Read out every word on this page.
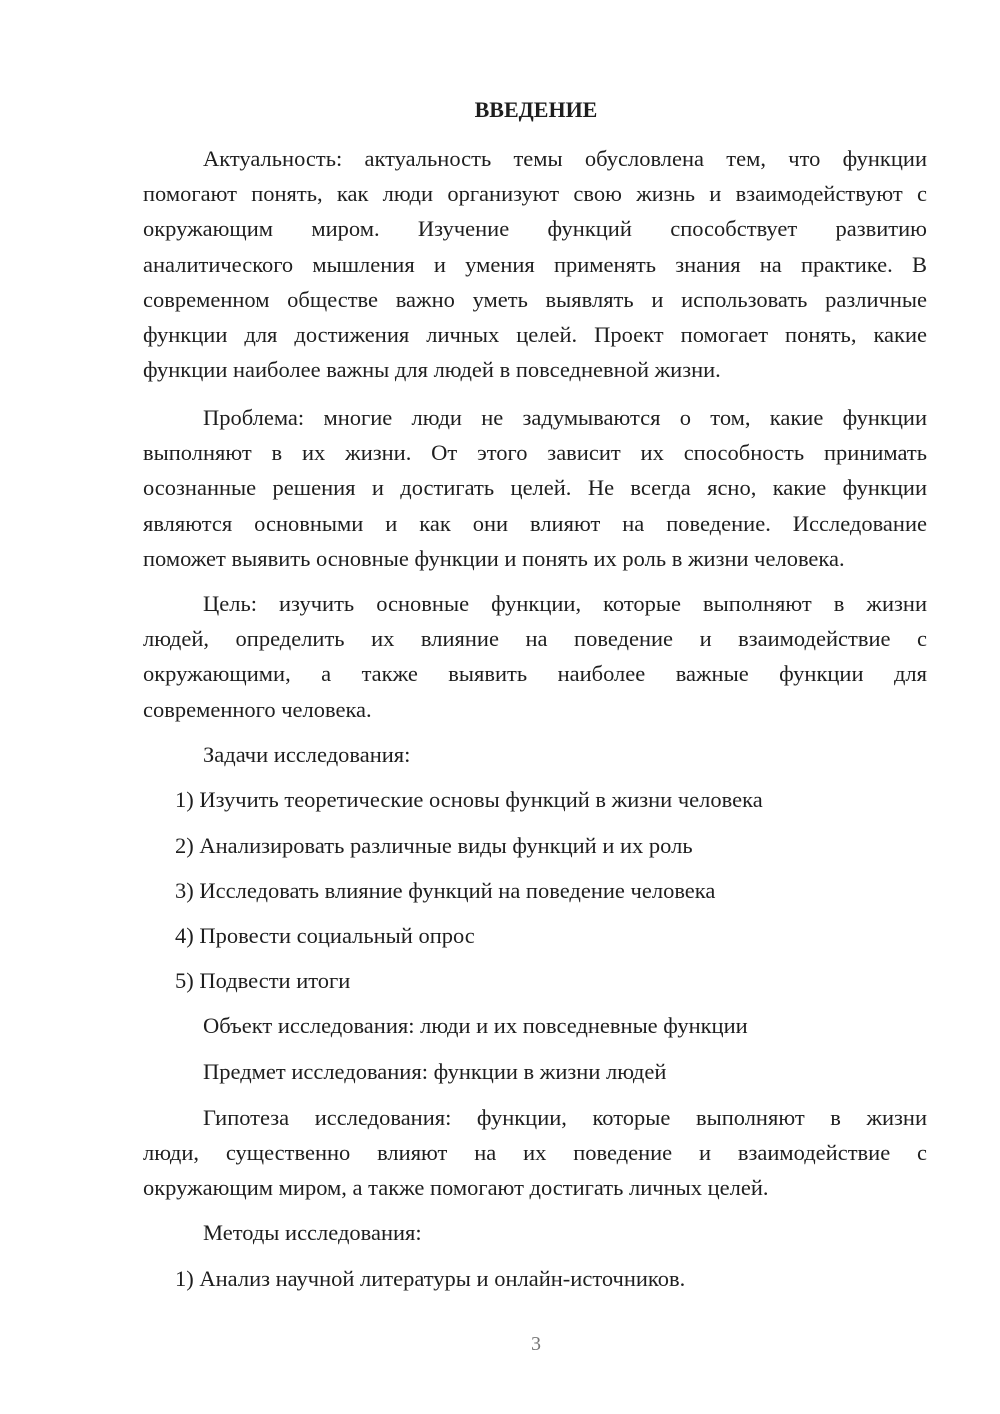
ВВЕДЕНИЕ

Актуальность: актуальность темы обусловлена тем, что функции
помогают понять, как люди организуют свою жизнь и взаимодействуют с
окружающим миром. Изучение функций способствует развитию
аналитического мышления и умения применять знания на практике. В
современном обществе важно уметь выявлять и использовать различные
функции для достижения личных целей. Проект помогает понять, какие
функции наиболее важны для людей в повседневной жизни.

Проблема: многие люди не задумываются о том, какие функции
выполняют в их жизни. От этого зависит их способность принимать
осознанные решения и достигать целей. Не всегда ясно, какие функции
являются основными и как они влияют на поведение. Исследование
поможет выявить основные функции и понять их роль в жизни человека.

Цель: изучить основные функции, которые выполняют в жизни
людей, определить их влияние на поведение и взаимодействие с
окружающими, а также выявить наиболее важные функции для
современного человека.

Задачи исследования:

1) Изучить теоретические основы функций в жизни человека

2) Анализировать различные виды функций и их роль

3) Исследовать влияние функций на поведение человека

4) Провести социальный опрос

5) Подвести итоги

Объект исследования: люди и их повседневные функции

Предмет исследования: функции в жизни людей

Гипотеза исследования: функции, которые выполняют в жизни
люди, существенно влияют на их поведение и взаимодействие с
окружающим миром, а также помогают достигать личных целей.

Методы исследования:

1) Анализ научной литературы и онлайн-источников.

3
